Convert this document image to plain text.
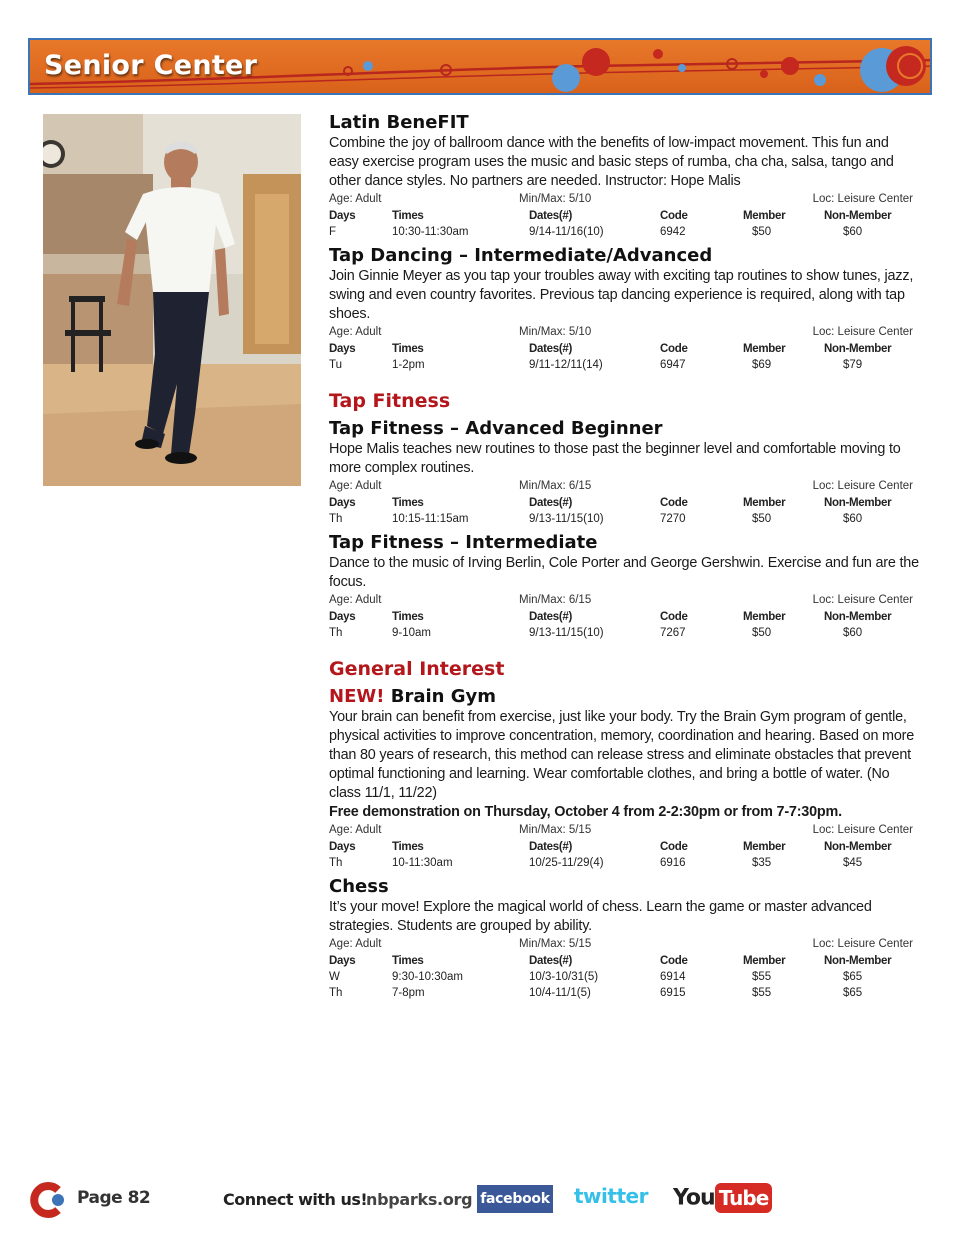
Senior Center
Latin BeneFIT
Combine the joy of ballroom dance with the benefits of low-impact movement. This fun and easy exercise program uses the music and basic steps of rumba, cha cha, salsa, tango and other dance styles. No partners are needed. Instructor: Hope Malis
Age: Adult	Min/Max: 5/10	Loc: Leisure Center
Days	Times	Dates(#)	Code	Member	Non-Member
F	10:30-11:30am	9/14-11/16(10)	6942	$50	$60
Tap Dancing – Intermediate/Advanced
Join Ginnie Meyer as you tap your troubles away with exciting tap routines to show tunes, jazz, swing and even country favorites. Previous tap dancing experience is required, along with tap shoes.
Age: Adult	Min/Max: 5/10	Loc: Leisure Center
Days	Times	Dates(#)	Code	Member	Non-Member
Tu	1-2pm	9/11-12/11(14)	6947	$69	$79
Tap Fitness
Tap Fitness – Advanced Beginner
Hope Malis teaches new routines to those past the beginner level and comfortable moving to more complex routines.
Age: Adult	Min/Max: 6/15	Loc: Leisure Center
Days	Times	Dates(#)	Code	Member	Non-Member
Th	10:15-11:15am	9/13-11/15(10)	7270	$50	$60
Tap Fitness – Intermediate
Dance to the music of Irving Berlin, Cole Porter and George Gershwin. Exercise and fun are the focus.
Age: Adult	Min/Max: 6/15	Loc: Leisure Center
Days	Times	Dates(#)	Code	Member	Non-Member
Th	9-10am	9/13-11/15(10)	7267	$50	$60
General Interest
NEW! Brain Gym
Your brain can benefit from exercise, just like your body. Try the Brain Gym program of gentle, physical activities to improve concentration, memory, coordination and hearing. Based on more than 80 years of research, this method can release stress and eliminate obstacles that prevent optimal functioning and learning. Wear comfortable clothes, and bring a bottle of water. (No class 11/1, 11/22)
Free demonstration on Thursday, October 4 from 2-2:30pm or from 7-7:30pm.
Age: Adult	Min/Max: 5/15	Loc: Leisure Center
Days	Times	Dates(#)	Code	Member	Non-Member
Th	10-11:30am	10/25-11/29(4)	6916	$35	$45
Chess
It’s your move! Explore the magical world of chess. Learn the game or master advanced strategies. Students are grouped by ability.
Age: Adult	Min/Max: 5/15	Loc: Leisure Center
Days	Times	Dates(#)	Code	Member	Non-Member
W	9:30-10:30am	10/3-10/31(5)	6914	$55	$65
Th	7-8pm	10/4-11/1(5)	6915	$55	$65
Page 82	Connect with us!
nbparks.org facebook twitter You Tube
